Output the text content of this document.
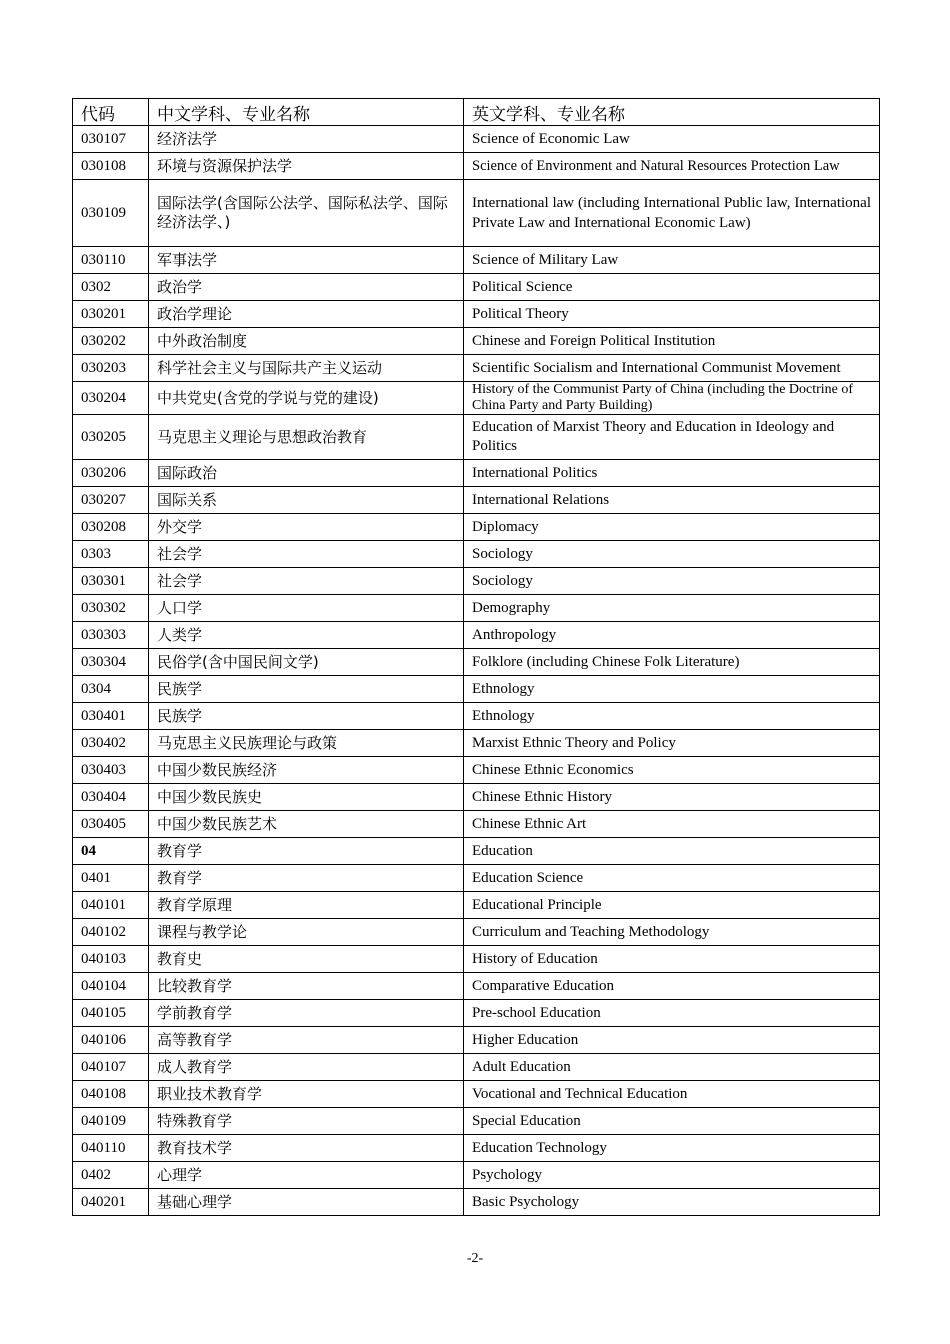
代码	中文学科、专业名称	英文学科、专业名称
030107	经济法学	Science of Economic Law
030108	环境与资源保护法学	Science of Environment and Natural Resources Protection Law
030109	国际法学(含国际公法学、国际私法学、国际经济法学、)	International law (including International Public law, International Private Law and International Economic Law)
030110	军事法学	Science of Military Law
0302	政治学	Political Science
030201	政治学理论	Political Theory
030202	中外政治制度	Chinese and Foreign Political Institution
030203	科学社会主义与国际共产主义运动	Scientific Socialism and International Communist Movement
030204	中共党史(含党的学说与党的建设)	History of the Communist Party of China (including the Doctrine of China Party and Party Building)
030205	马克思主义理论与思想政治教育	Education of Marxist Theory and Education in Ideology and Politics
030206	国际政治	International Politics
030207	国际关系	International Relations
030208	外交学	Diplomacy
0303	社会学	Sociology
030301	社会学	Sociology
030302	人口学	Demography
030303	人类学	Anthropology
030304	民俗学(含中国民间文学)	Folklore (including Chinese Folk Literature)
0304	民族学	Ethnology
030401	民族学	Ethnology
030402	马克思主义民族理论与政策	Marxist Ethnic Theory and Policy
030403	中国少数民族经济	Chinese Ethnic Economics
030404	中国少数民族史	Chinese Ethnic History
030405	中国少数民族艺术	Chinese Ethnic Art
04	教育学	Education
0401	教育学	Education Science
040101	教育学原理	Educational Principle
040102	课程与教学论	Curriculum and Teaching Methodology
040103	教育史	History of Education
040104	比较教育学	Comparative Education
040105	学前教育学	Pre-school Education
040106	高等教育学	Higher Education
040107	成人教育学	Adult Education
040108	职业技术教育学	Vocational and Technical Education
040109	特殊教育学	Special Education
040110	教育技术学	Education Technology
0402	心理学	Psychology
040201	基础心理学	Basic Psychology
-2-
